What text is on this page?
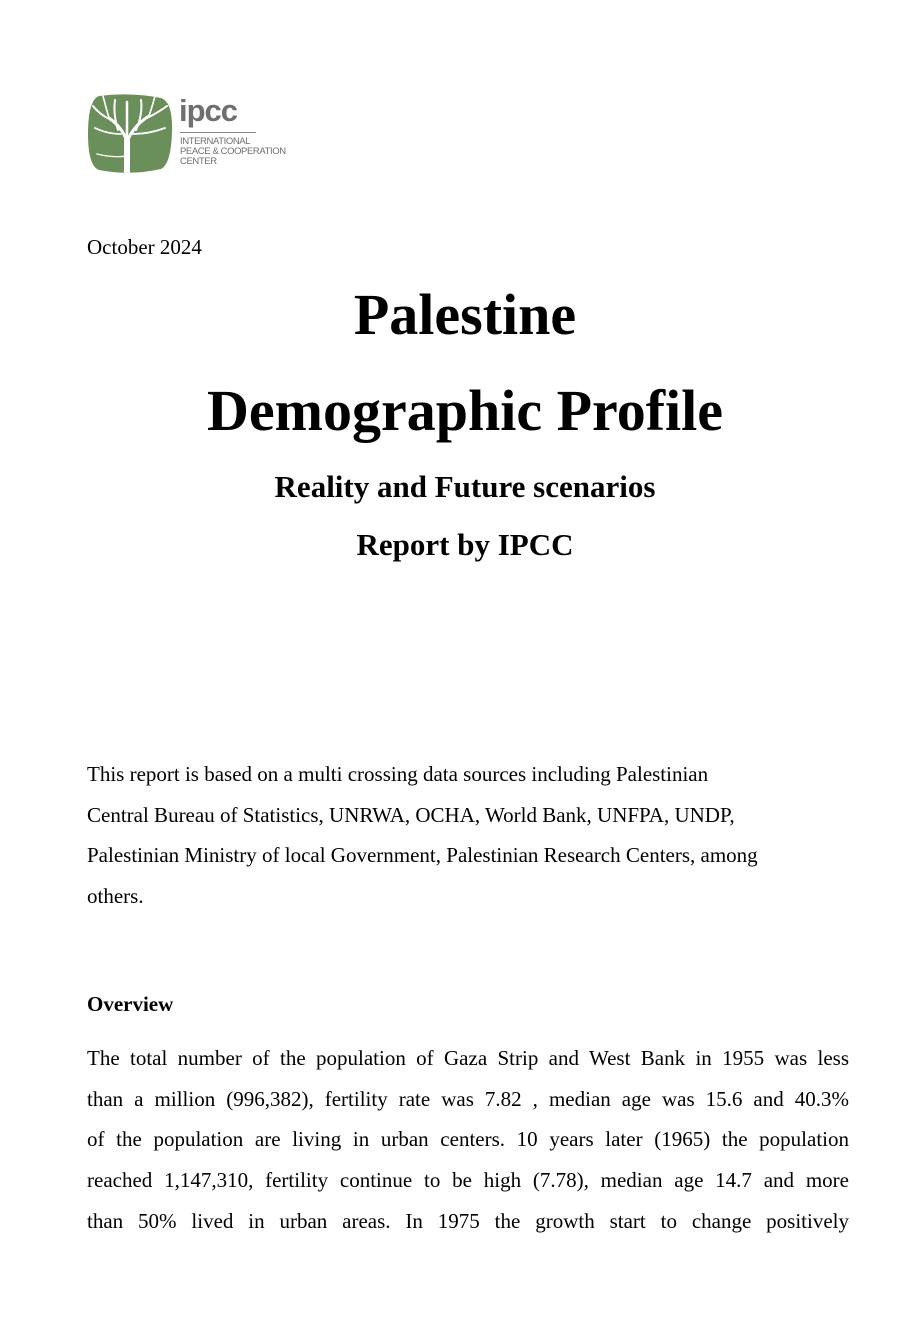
ipcc
INTERNATIONAL
PEACE & COOPERATION
CENTER
October 2024
Palestine
Demographic Profile
Reality and Future scenarios
Report by IPCC
This report is based on a multi crossing data sources including Palestinian
Central Bureau of Statistics, UNRWA, OCHA, World Bank, UNFPA, UNDP,
Palestinian Ministry of local Government, Palestinian Research Centers, among
others.
Overview
The total number of the population of Gaza Strip and West Bank in 1955 was less
than a million (996,382), fertility rate was 7.82 , median age was 15.6 and 40.3%
of the population are living in urban centers. 10 years later (1965) the population
reached 1,147,310, fertility continue to be high (7.78), median age 14.7 and more
than 50% lived in urban areas. In 1975 the growth start to change positively
